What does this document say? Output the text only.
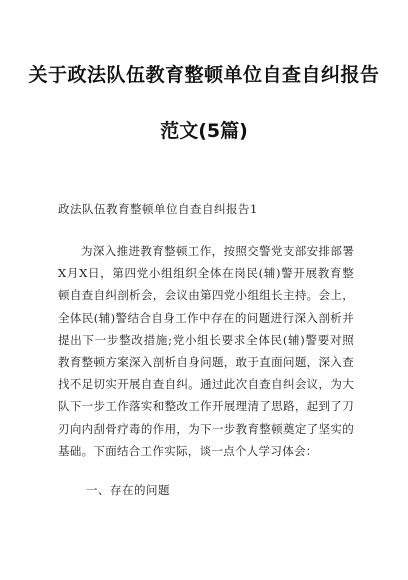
关于政法队伍教育整顿单位自查自纠报告
范文(5篇)
政法队伍教育整顿单位自查自纠报告1
为深入推进教育整顿工作，按照交警党支部安排部署X月X日，第四党小组组织全体在岗民(辅)警开展教育整顿自查自纠剖析会，会议由第四党小组组长主持。会上，全体民(辅)警结合自身工作中存在的问题进行深入剖析并提出下一步整改措施;党小组长要求全体民(辅)警要对照教育整顿方案深入剖析自身问题，敢于直面问题，深入查找不足切实开展自查自纠。通过此次自查自纠会议，为大队下一步工作落实和整改工作开展理清了思路，起到了刀刃向内刮骨疗毒的作用，为下一步教育整顿奠定了坚实的基础。下面结合工作实际，谈一点个人学习体会：
一、存在的问题
